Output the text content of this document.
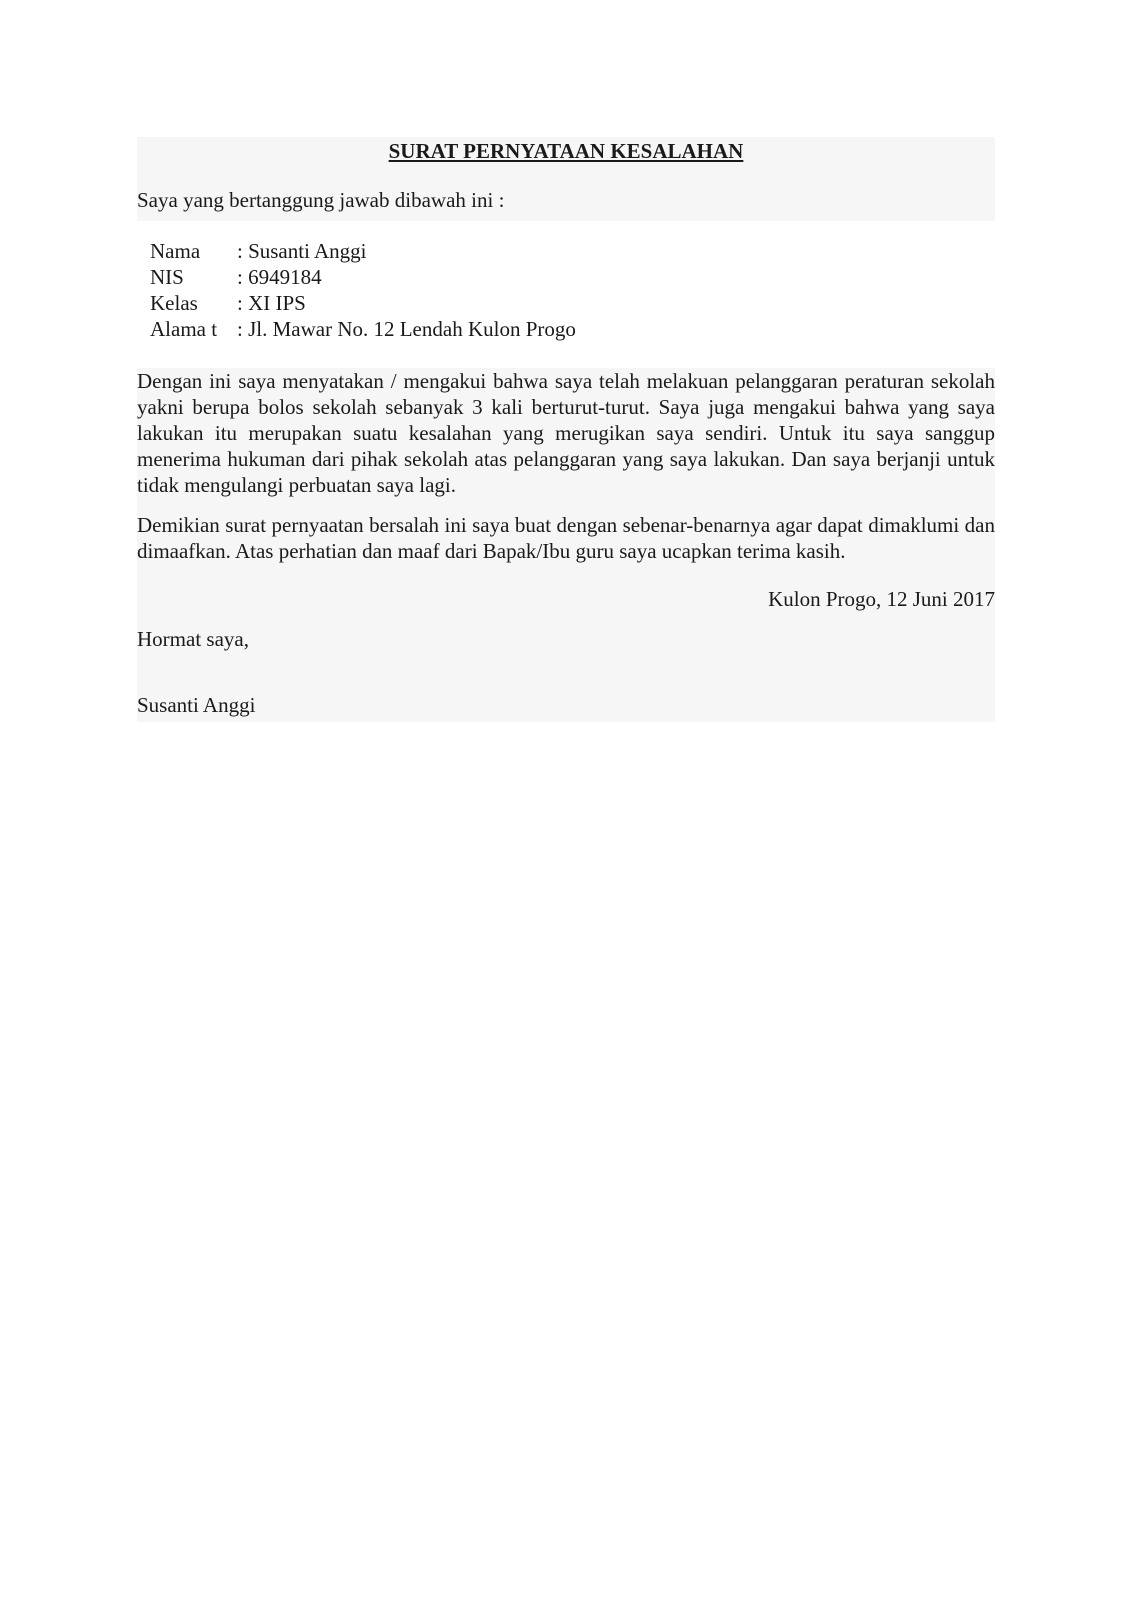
SURAT PERNYATAAN KESALAHAN
Saya yang bertanggung jawab dibawah ini :
Nama	: Susanti Anggi
NIS	: 6949184
Kelas	: XI IPS
Alama t : Jl. Mawar No. 12 Lendah Kulon Progo

Dengan ini saya menyatakan / mengakui bahwa saya telah melakuan pelanggaran peraturan sekolah yakni berupa bolos sekolah sebanyak 3 kali berturut-turut. Saya juga mengakui bahwa yang saya lakukan itu merupakan suatu kesalahan yang merugikan saya sendiri. Untuk itu saya sanggup menerima hukuman dari pihak sekolah atas pelanggaran yang saya lakukan. Dan saya berjanji untuk tidak mengulangi perbuatan saya lagi.

Demikian surat pernyaatan bersalah ini saya buat dengan sebenar-benarnya agar dapat dimaklumi dan dimaafkan. Atas perhatian dan maaf dari Bapak/Ibu guru saya ucapkan terima kasih.

Kulon Progo, 12 Juni 2017
Hormat saya,
Susanti Anggi
